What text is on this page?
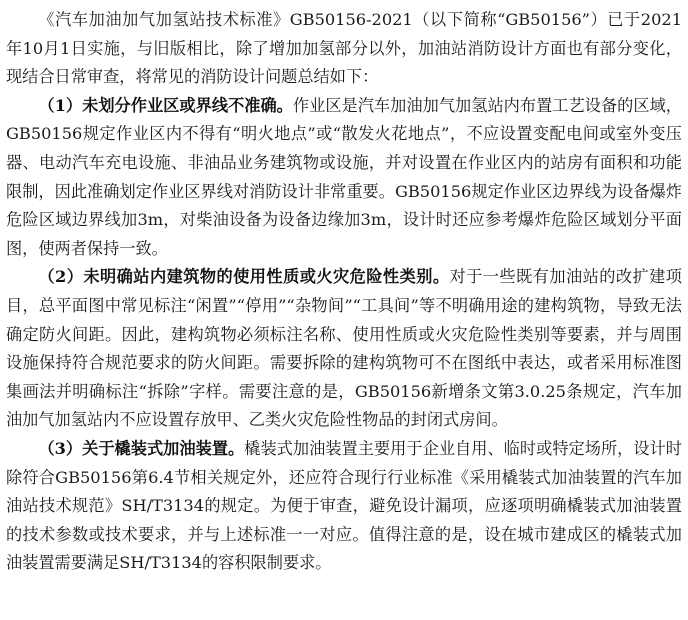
《汽车加油加气加氢站技术标准》GB50156-2021（以下简称“GB50156”）已于2021年10月1日实施，与旧版相比，除了增加加氢部分以外，加油站消防设计方面也有部分变化，现结合日常审查，将常见的消防设计问题总结如下：

（1）未划分作业区或界线不准确。作业区是汽车加油加气加氢站内布置工艺设备的区域，GB50156规定作业区内不得有“明火地点”或“散发火花地点”，不应设置变配电间或室外变压器、电动汽车充电设施、非油品业务建筑物或设施，并对设置在作业区内的站房有面积和功能限制，因此准确划定作业区界线对消防设计非常重要。GB50156规定作业区边界线为设备爆炸危险区域边界线加3m，对柴油设备为设备边缘加3m，设计时还应参考爆炸危险区域划分平面图，使两者保持一致。

（2）未明确站内建筑物的使用性质或火灾危险性类别。对于一些既有加油站的改扩建项目，总平面图中常见标注“闲置”“停用”“杂物间”“工具间”等不明确用途的建构筑物，导致无法确定防火间距。因此，建构筑物必须标注名称、使用性质或火灾危险性类别等要素，并与周围设施保持符合规范要求的防火间距。需要拆除的建构筑物可不在图纸中表达，或者采用标准图集画法并明确标注“拆除”字样。需要注意的是，GB50156新增条文第3.0.25条规定，汽车加油加气加氢站内不应设置存放甲、乙类火灾危险性物品的封闭式房间。

（3）关于橇装式加油装置。橇装式加油装置主要用于企业自用、临时或特定场所，设计时除符合GB50156第6.4节相关规定外，还应符合现行行业标准《采用橇装式加油装置的汽车加油站技术规范》SH/T3134的规定。为便于审查，避免设计漏项，应逐项明确橇装式加油装置的技术参数或技术要求，并与上述标准一一对应。值得注意的是，设在城市建成区的橇装式加油装置需要满足SH/T3134的容积限制要求。
